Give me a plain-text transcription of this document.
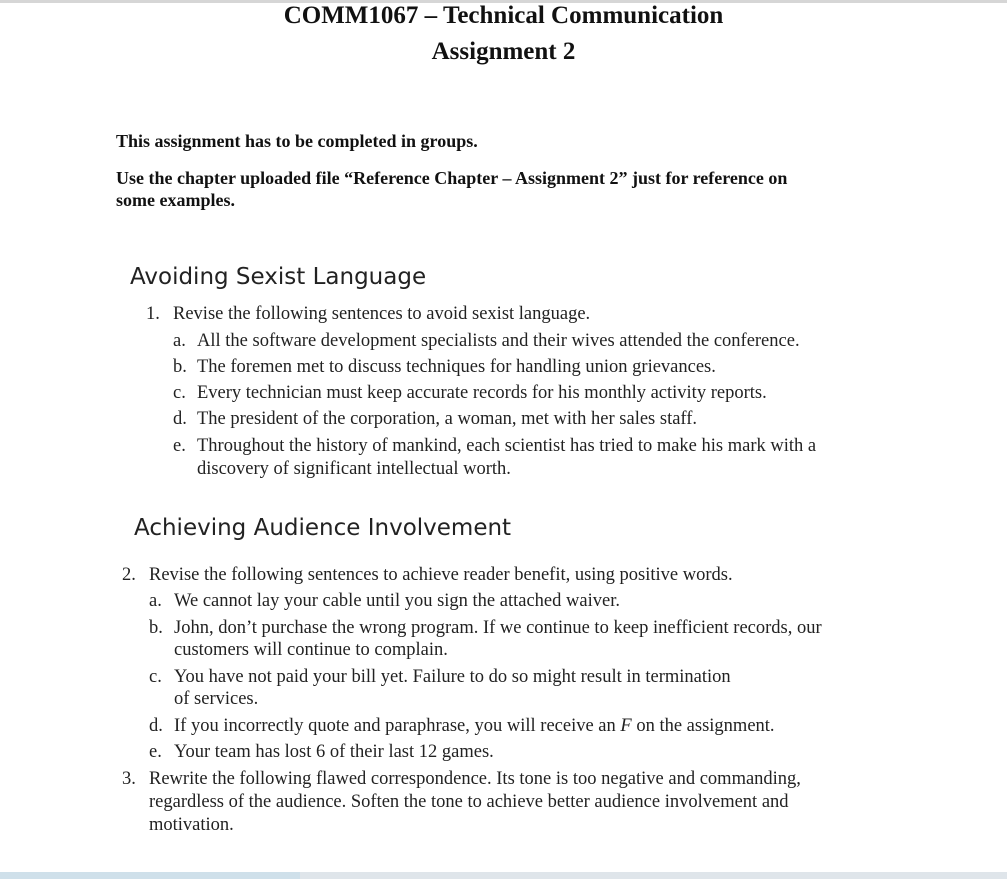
COMM1067 – Technical Communication
Assignment 2
This assignment has to be completed in groups.
Use the chapter uploaded file “Reference Chapter – Assignment 2” just for reference on
some examples.
Avoiding Sexist Language
1. Revise the following sentences to avoid sexist language.
a. All the software development specialists and their wives attended the conference.
b. The foremen met to discuss techniques for handling union grievances.
c. Every technician must keep accurate records for his monthly activity reports.
d. The president of the corporation, a woman, met with her sales staff.
e. Throughout the history of mankind, each scientist has tried to make his mark with a
discovery of significant intellectual worth.
Achieving Audience Involvement
2. Revise the following sentences to achieve reader benefit, using positive words.
a. We cannot lay your cable until you sign the attached waiver.
b. John, don’t purchase the wrong program. If we continue to keep inefficient records, our
customers will continue to complain.
c. You have not paid your bill yet. Failure to do so might result in termination
of services.
d. If you incorrectly quote and paraphrase, you will receive an F on the assignment.
e. Your team has lost 6 of their last 12 games.
3. Rewrite the following flawed correspondence. Its tone is too negative and commanding,
regardless of the audience. Soften the tone to achieve better audience involvement and
motivation.
